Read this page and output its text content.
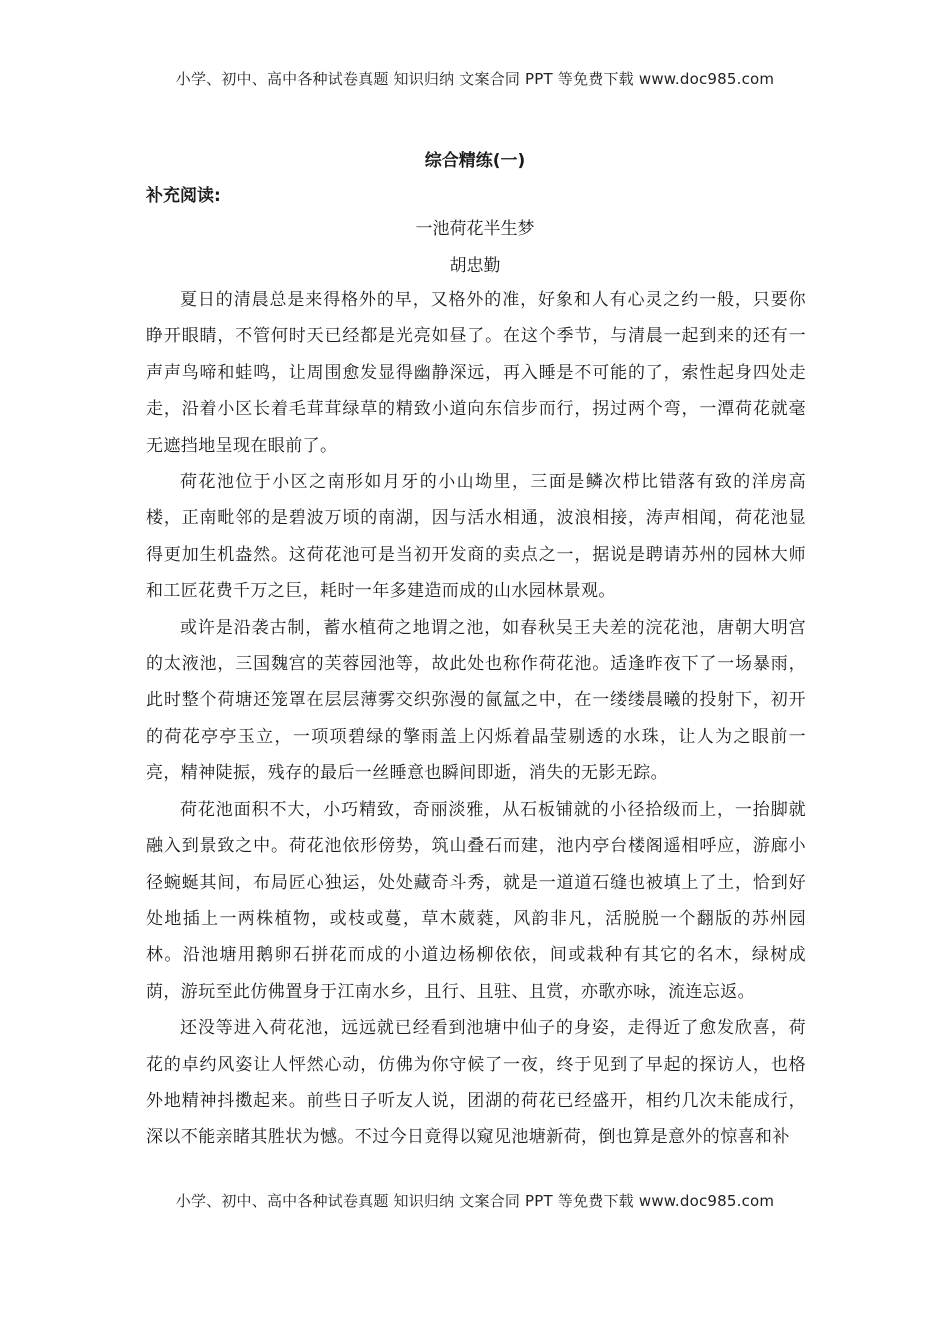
小学、初中、高中各种试卷真题 知识归纳 文案合同 PPT 等免费下载 www.doc985.com
综合精练(一)
补充阅读:
一池荷花半生梦
胡忠勤

夏日的清晨总是来得格外的早，又格外的准，好象和人有心灵之约一般，只要你睁开眼睛，不管何时天已经都是光亮如昼了。在这个季节，与清晨一起到来的还有一声声鸟啼和蛙鸣，让周围愈发显得幽静深远，再入睡是不可能的了，索性起身四处走走，沿着小区长着毛茸茸绿草的精致小道向东信步而行，拐过两个弯，一潭荷花就毫无遮挡地呈现在眼前了。

荷花池位于小区之南形如月牙的小山坳里，三面是鳞次栉比错落有致的洋房高楼，正南毗邻的是碧波万顷的南湖，因与活水相通，波浪相接，涛声相闻，荷花池显得更加生机盎然。这荷花池可是当初开发商的卖点之一，据说是聘请苏州的园林大师和工匠花费千万之巨，耗时一年多建造而成的山水园林景观。

或许是沿袭古制，蓄水植荷之地谓之池，如春秋吴王夫差的浣花池，唐朝大明宫的太液池，三国魏宫的芙蓉园池等，故此处也称作荷花池。适逢昨夜下了一场暴雨，此时整个荷塘还笼罩在层层薄雾交织弥漫的氤氲之中，在一缕缕晨曦的投射下，初开的荷花亭亭玉立，一项项碧绿的擎雨盖上闪烁着晶莹剔透的水珠，让人为之眼前一亮，精神陡振，残存的最后一丝睡意也瞬间即逝，消失的无影无踪。

荷花池面积不大，小巧精致，奇丽淡雅，从石板铺就的小径拾级而上，一抬脚就融入到景致之中。荷花池依形傍势，筑山叠石而建，池内亭台楼阁遥相呼应，游廊小径蜿蜒其间，布局匠心独运，处处藏奇斗秀，就是一道道石缝也被填上了土，恰到好处地插上一两株植物，或枝或蔓，草木葳蕤，风韵非凡，活脱脱一个翻版的苏州园林。沿池塘用鹅卵石拼花而成的小道边杨柳依依，间或栽种有其它的名木，绿树成荫，游玩至此仿佛置身于江南水乡，且行、且驻、且赏，亦歌亦咏，流连忘返。

还没等进入荷花池，远远就已经看到池塘中仙子的身姿，走得近了愈发欣喜，荷花的卓约风姿让人怦然心动，仿佛为你守候了一夜，终于见到了早起的探访人，也格外地精神抖擞起来。前些日子听友人说，团湖的荷花已经盛开，相约几次未能成行，深以不能亲睹其胜状为憾。不过今日竟得以窥见池塘新荷，倒也算是意外的惊喜和补

小学、初中、高中各种试卷真题 知识归纳 文案合同 PPT 等免费下载 www.doc985.com
